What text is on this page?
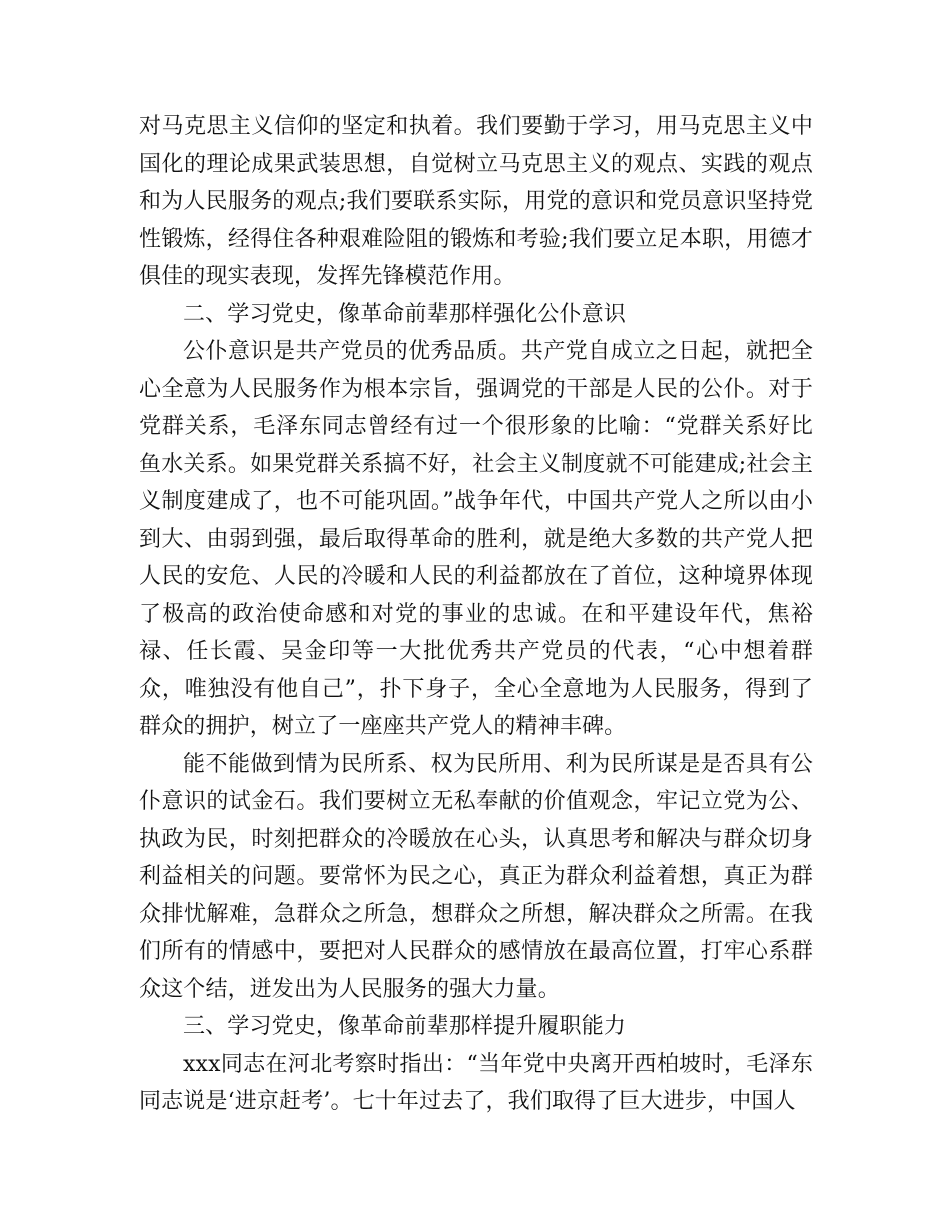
对马克思主义信仰的坚定和执着。我们要勤于学习，用马克思主义中国化的理论成果武装思想，自觉树立马克思主义的观点、实践的观点和为人民服务的观点;我们要联系实际，用党的意识和党员意识坚持党性锻炼，经得住各种艰难险阻的锻炼和考验;我们要立足本职，用德才俱佳的现实表现，发挥先锋模范作用。

二、学习党史，像革命前辈那样强化公仆意识

公仆意识是共产党员的优秀品质。共产党自成立之日起，就把全心全意为人民服务作为根本宗旨，强调党的干部是人民的公仆。对于党群关系，毛泽东同志曾经有过一个很形象的比喻：“党群关系好比鱼水关系。如果党群关系搞不好，社会主义制度就不可能建成;社会主义制度建成了，也不可能巩固。”战争年代，中国共产党人之所以由小到大、由弱到强，最后取得革命的胜利，就是绝大多数的共产党人把人民的安危、人民的冷暖和人民的利益都放在了首位，这种境界体现了极高的政治使命感和对党的事业的忠诚。在和平建设年代，焦裕禄、任长霞、吴金印等一大批优秀共产党员的代表，“心中想着群众，唯独没有他自己”，扑下身子，全心全意地为人民服务，得到了群众的拥护，树立了一座座共产党人的精神丰碑。

能不能做到情为民所系、权为民所用、利为民所谋是是否具有公仆意识的试金石。我们要树立无私奉献的价值观念，牢记立党为公、执政为民，时刻把群众的冷暖放在心头，认真思考和解决与群众切身利益相关的问题。要常怀为民之心，真正为群众利益着想，真正为群众排忧解难，急群众之所急，想群众之所想，解决群众之所需。在我们所有的情感中，要把对人民群众的感情放在最高位置，打牢心系群众这个结，迸发出为人民服务的强大力量。

三、学习党史，像革命前辈那样提升履职能力

xxx同志在河北考察时指出：“当年党中央离开西柏坡时，毛泽东同志说是‘进京赶考’。七十年过去了，我们取得了巨大进步，中国人
